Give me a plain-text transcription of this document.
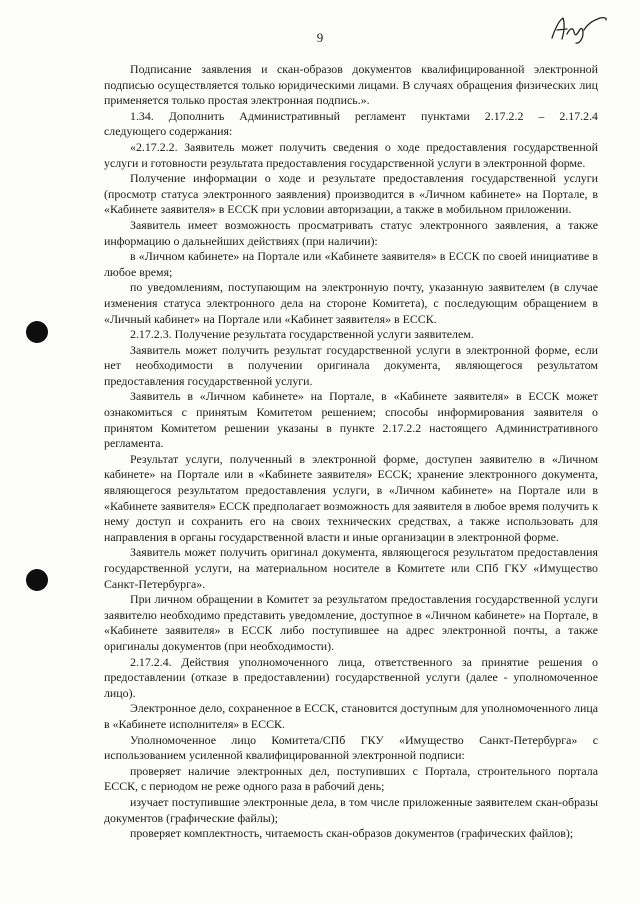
9

Подписание заявления и скан-образов документов квалифицированной электронной подписью осуществляется только юридическими лицами. В случаях обращения физических лиц применяется только простая электронная подпись.».

1.34. Дополнить Административный регламент пунктами 2.17.2.2 – 2.17.2.4

следующего содержания:

«2.17.2.2. Заявитель может получить сведения о ходе предоставления государственной услуги и готовности результата предоставления государственной услуги в электронной форме.

Получение информации о ходе и результате предоставления государственной услуги (просмотр статуса электронного заявления) производится в «Личном кабинете» на Портале, в «Кабинете заявителя» в ЕССК при условии авторизации, а также в мобильном приложении.

Заявитель имеет возможность просматривать статус электронного заявления, а также информацию о дальнейших действиях (при наличии):

в «Личном кабинете» на Портале или «Кабинете заявителя» в ЕССК по своей инициативе в любое время;

по уведомлениям, поступающим на электронную почту, указанную заявителем (в случае изменения статуса электронного дела на стороне Комитета), с последующим обращением в «Личный кабинет» на Портале или «Кабинет заявителя» в ЕССК.

2.17.2.3. Получение результата государственной услуги заявителем.

Заявитель может получить результат государственной услуги в электронной форме, если нет необходимости в получении оригинала документа, являющегося результатом предоставления государственной услуги.

Заявитель в «Личном кабинете» на Портале, в «Кабинете заявителя» в ЕССК может ознакомиться с принятым Комитетом решением; способы информирования заявителя о принятом Комитетом решении указаны в пункте 2.17.2.2 настоящего Административного регламента.

Результат услуги, полученный в электронной форме, доступен заявителю в «Личном кабинете» на Портале или в «Кабинете заявителя» ЕССК; хранение электронного документа, являющегося результатом предоставления услуги, в «Личном кабинете» на Портале или в «Кабинете заявителя» ЕССК предполагает возможность для заявителя в любое время получить к нему доступ и сохранить его на своих технических средствах, а также использовать для направления в органы государственной власти и иные организации в электронной форме.

Заявитель может получить оригинал документа, являющегося результатом предоставления государственной услуги, на материальном носителе в Комитете или СПб ГКУ «Имущество Санкт-Петербурга».

При личном обращении в Комитет за результатом предоставления государственной услуги заявителю необходимо представить уведомление, доступное в «Личном кабинете» на Портале, в «Кабинете заявителя» в ЕССК либо поступившее на адрес электронной почты, а также оригиналы документов (при необходимости).

2.17.2.4. Действия уполномоченного лица, ответственного за принятие решения о предоставлении (отказе в предоставлении) государственной услуги (далее - уполномоченное лицо).

Электронное дело, сохраненное в ЕССК, становится доступным для уполномоченного лица в «Кабинете исполнителя» в ЕССК.

Уполномоченное лицо Комитета/СПб ГКУ «Имущество Санкт-Петербурга» с использованием усиленной квалифицированной электронной подписи:

проверяет наличие электронных дел, поступивших с Портала, строительного портала ЕССК, с периодом не реже одного раза в рабочий день;

изучает поступившие электронные дела, в том числе приложенные заявителем скан-образы документов (графические файлы);

проверяет комплектность, читаемость скан-образов документов (графических файлов);
